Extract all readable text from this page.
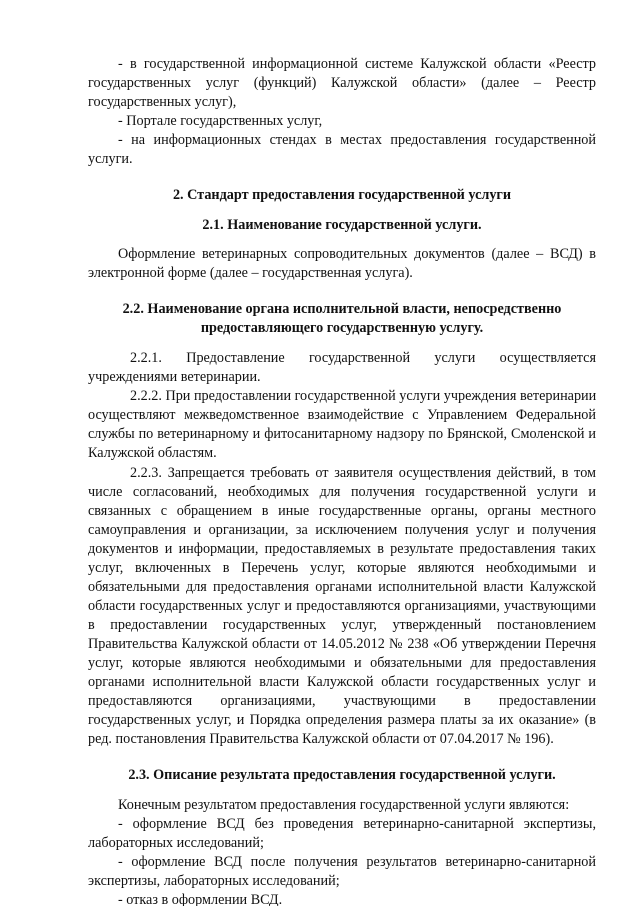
- в государственной информационной системе Калужской области «Реестр
государственных услуг (функций) Калужской области» (далее – Реестр
государственных услуг),
- Портале государственных услуг,
- на информационных стендах в местах предоставления государственной
услуги.
2. Стандарт предоставления государственной услуги
2.1. Наименование государственной услуги.
Оформление ветеринарных сопроводительных документов (далее – ВСД) в
электронной форме (далее – государственная услуга).
2.2. Наименование органа исполнительной власти, непосредственно
предоставляющего государственную услугу.
2.2.1. Предоставление государственной услуги осуществляется
учреждениями ветеринарии.
2.2.2. При предоставлении государственной услуги учреждения ветеринарии
осуществляют межведомственное взаимодействие с Управлением Федеральной
службы по ветеринарному и фитосанитарному надзору по Брянской, Смоленской и
Калужской областям.
2.2.3. Запрещается требовать от заявителя осуществления действий, в том
числе согласований, необходимых для получения государственной услуги и
связанных с обращением в иные государственные органы, органы местного
самоуправления и организации, за исключением получения услуг и получения
документов и информации, предоставляемых в результате предоставления таких
услуг, включенных в Перечень услуг, которые являются необходимыми и
обязательными для предоставления органами исполнительной власти Калужской
области государственных услуг и предоставляются организациями, участвующими
в предоставлении государственных услуг, утвержденный постановлением
Правительства Калужской области от 14.05.2012 № 238 «Об утверждении Перечня
услуг, которые являются необходимыми и обязательными для предоставления
органами исполнительной власти Калужской области государственных услуг и
предоставляются организациями, участвующими в предоставлении
государственных услуг, и Порядка определения размера платы за их оказание» (в
ред. постановления Правительства Калужской области от 07.04.2017 № 196).
2.3. Описание результата предоставления государственной услуги.
Конечным результатом предоставления государственной услуги являются:
- оформление ВСД без проведения ветеринарно-санитарной экспертизы,
лабораторных исследований;
- оформление ВСД после получения результатов ветеринарно-санитарной
экспертизы, лабораторных исследований;
- отказ в оформлении ВСД.
